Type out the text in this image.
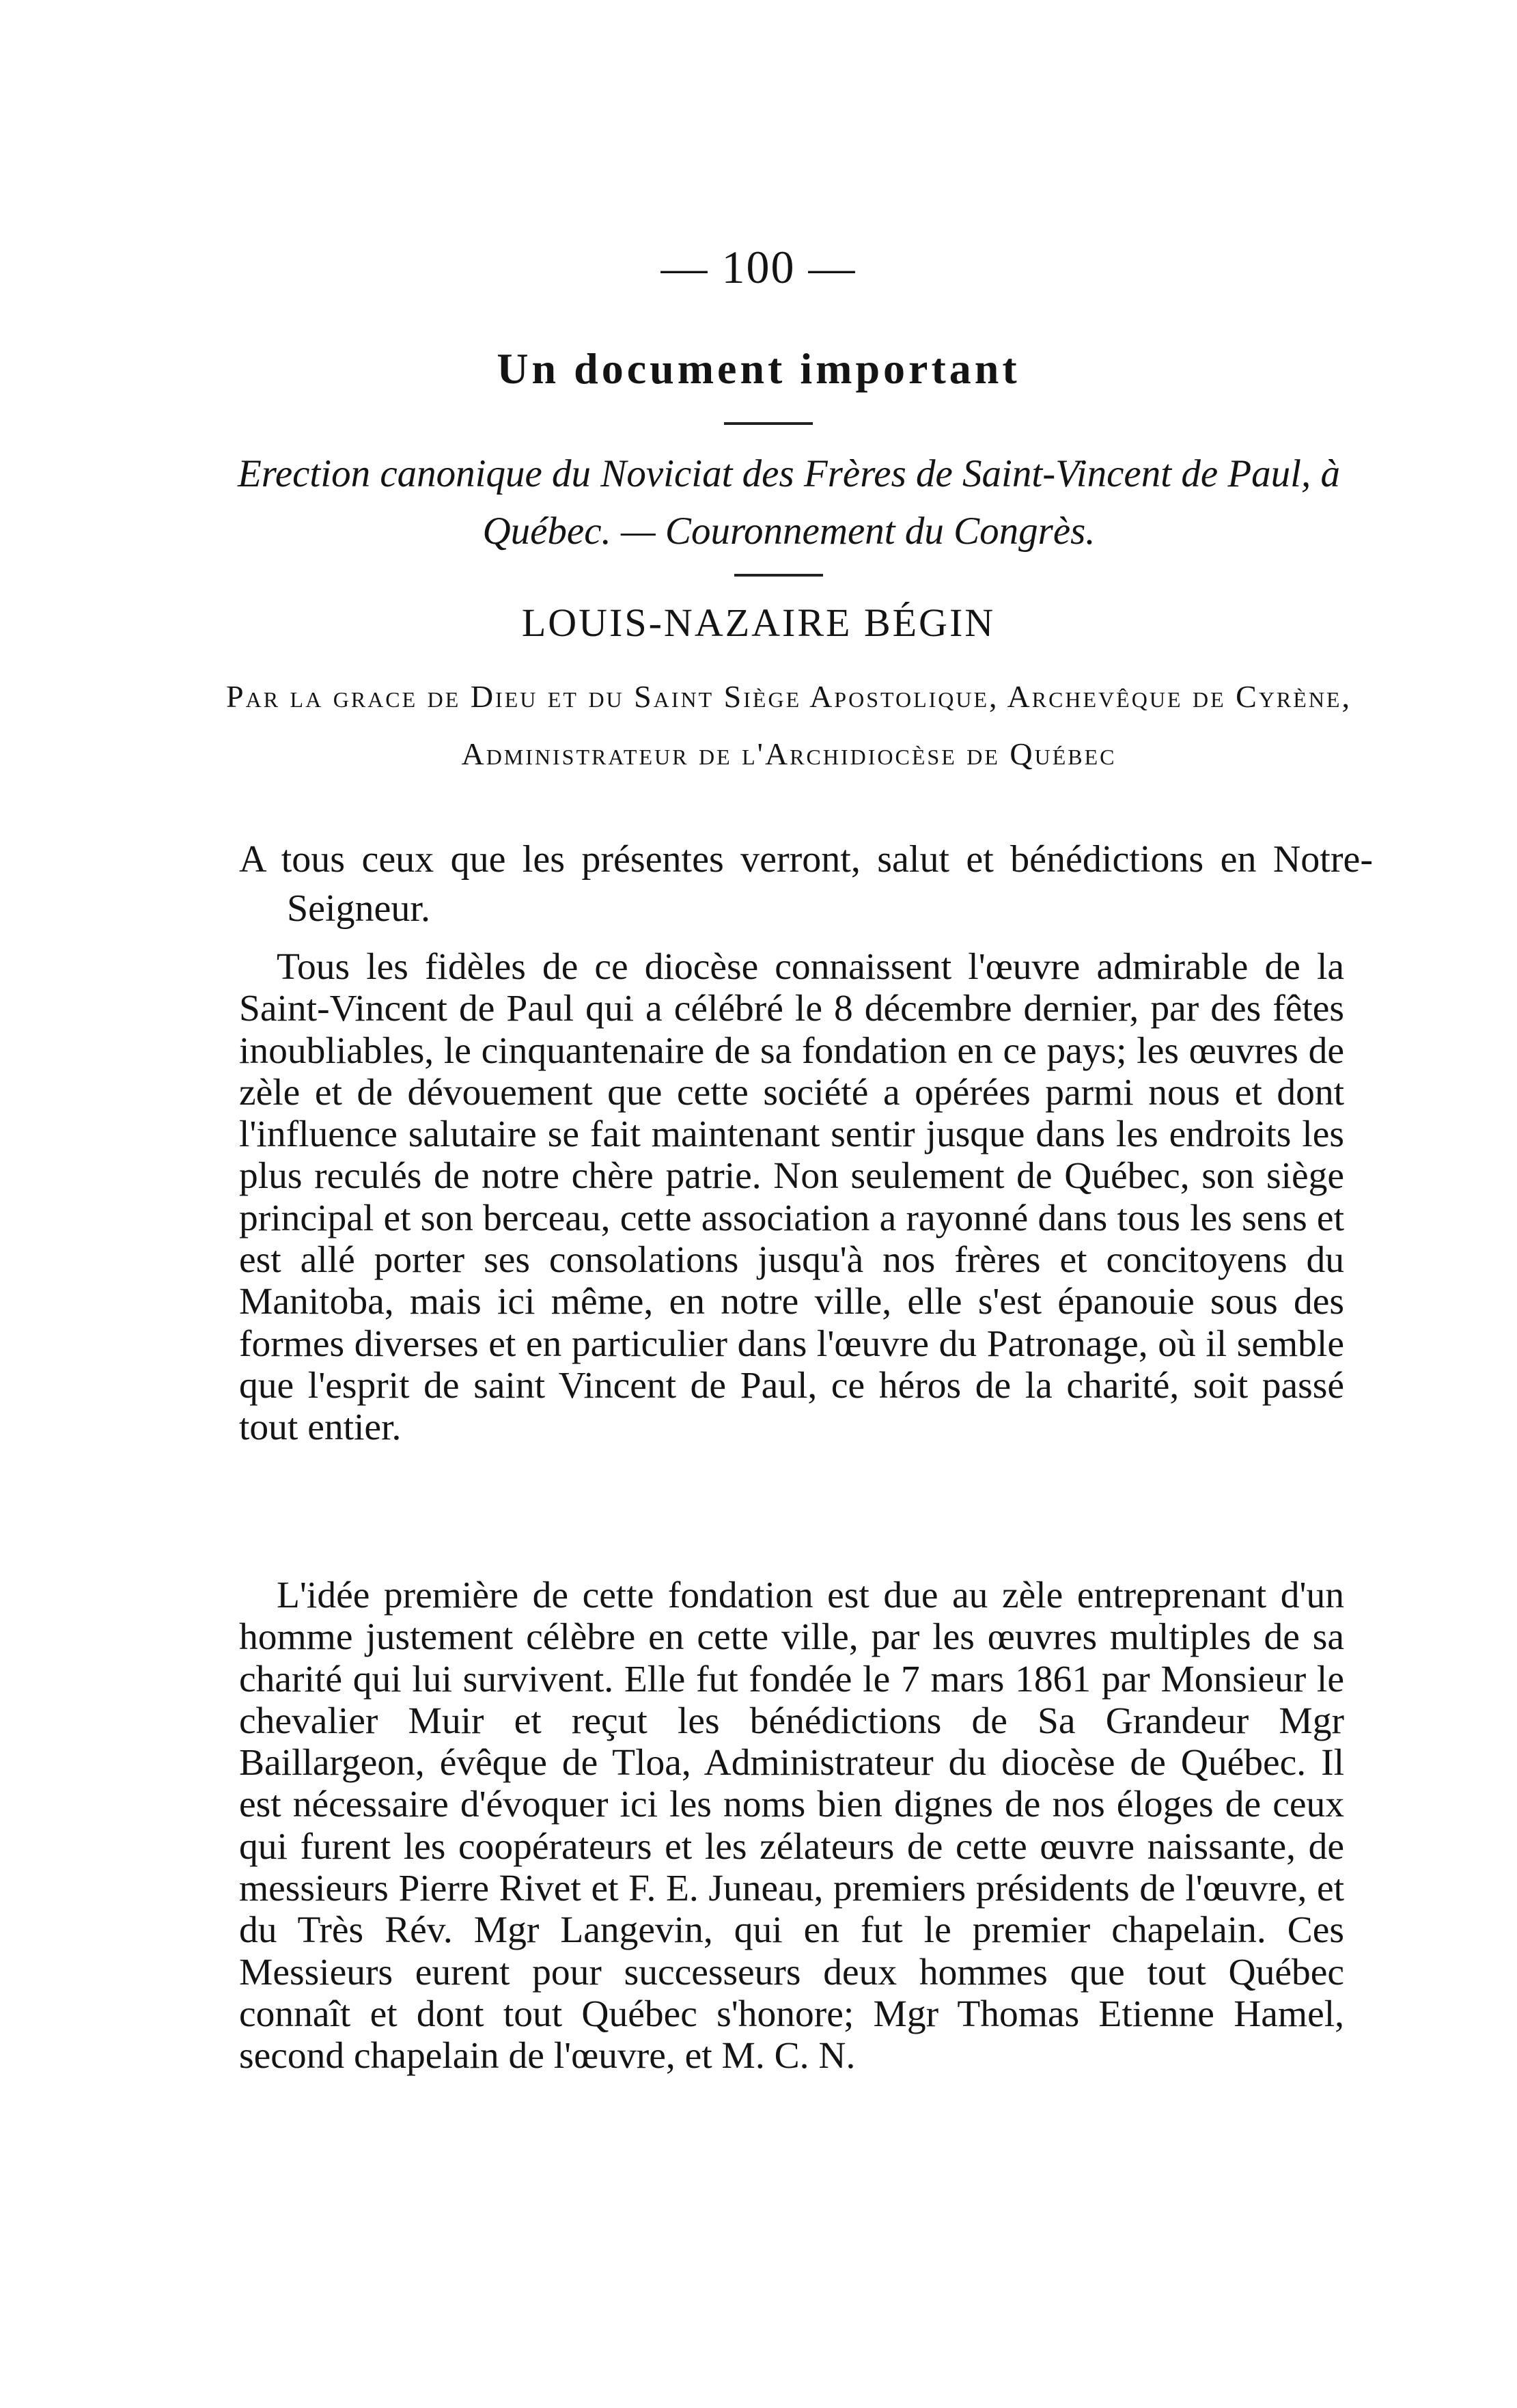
— 100 —
Un document important
Erection canonique du Noviciat des Frères de Saint-Vincent de Paul, à Québec. — Couronnement du Congrès.
LOUIS-NAZAIRE BÉGIN
Par la grace de Dieu et du Saint Siège Apostolique, Archevêque de Cyrène, Administrateur de l'Archidiocèse de Québec
A tous ceux que les présentes verront, salut et bénédictions en Notre-Seigneur.

Tous les fidèles de ce diocèse connaissent l'œuvre admirable de la Saint-Vincent de Paul qui a célébré le 8 décembre dernier, par des fêtes inoubliables, le cinquantenaire de sa fondation en ce pays; les œuvres de zèle et de dévouement que cette société a opérées parmi nous et dont l'influence salutaire se fait maintenant sentir jusque dans les endroits les plus reculés de notre chère patrie. Non seulement de Québec, son siège principal et son berceau, cette association a rayonné dans tous les sens et est allé porter ses consolations jusqu'à nos frères et concitoyens du Manitoba, mais ici même, en notre ville, elle s'est épanouie sous des formes diverses et en particulier dans l'œuvre du Patronage, où il semble que l'esprit de saint Vincent de Paul, ce héros de la charité, soit passé tout entier.

L'idée première de cette fondation est due au zèle entreprenant d'un homme justement célèbre en cette ville, par les œuvres multiples de sa charité qui lui survivent. Elle fut fondée le 7 mars 1861 par Monsieur le chevalier Muir et reçut les bénédictions de Sa Grandeur Mgr Baillargeon, évêque de Tloa, Administrateur du diocèse de Québec. Il est nécessaire d'évoquer ici les noms bien dignes de nos éloges de ceux qui furent les coopérateurs et les zélateurs de cette œuvre naissante, de messieurs Pierre Rivet et F. E. Juneau, premiers présidents de l'œuvre, et du Très Rév. Mgr Langevin, qui en fut le premier chapelain. Ces Messieurs eurent pour successeurs deux hommes que tout Québec connaît et dont tout Québec s'honore; Mgr Thomas Etienne Hamel, second chapelain de l'œuvre, et M. C. N.
